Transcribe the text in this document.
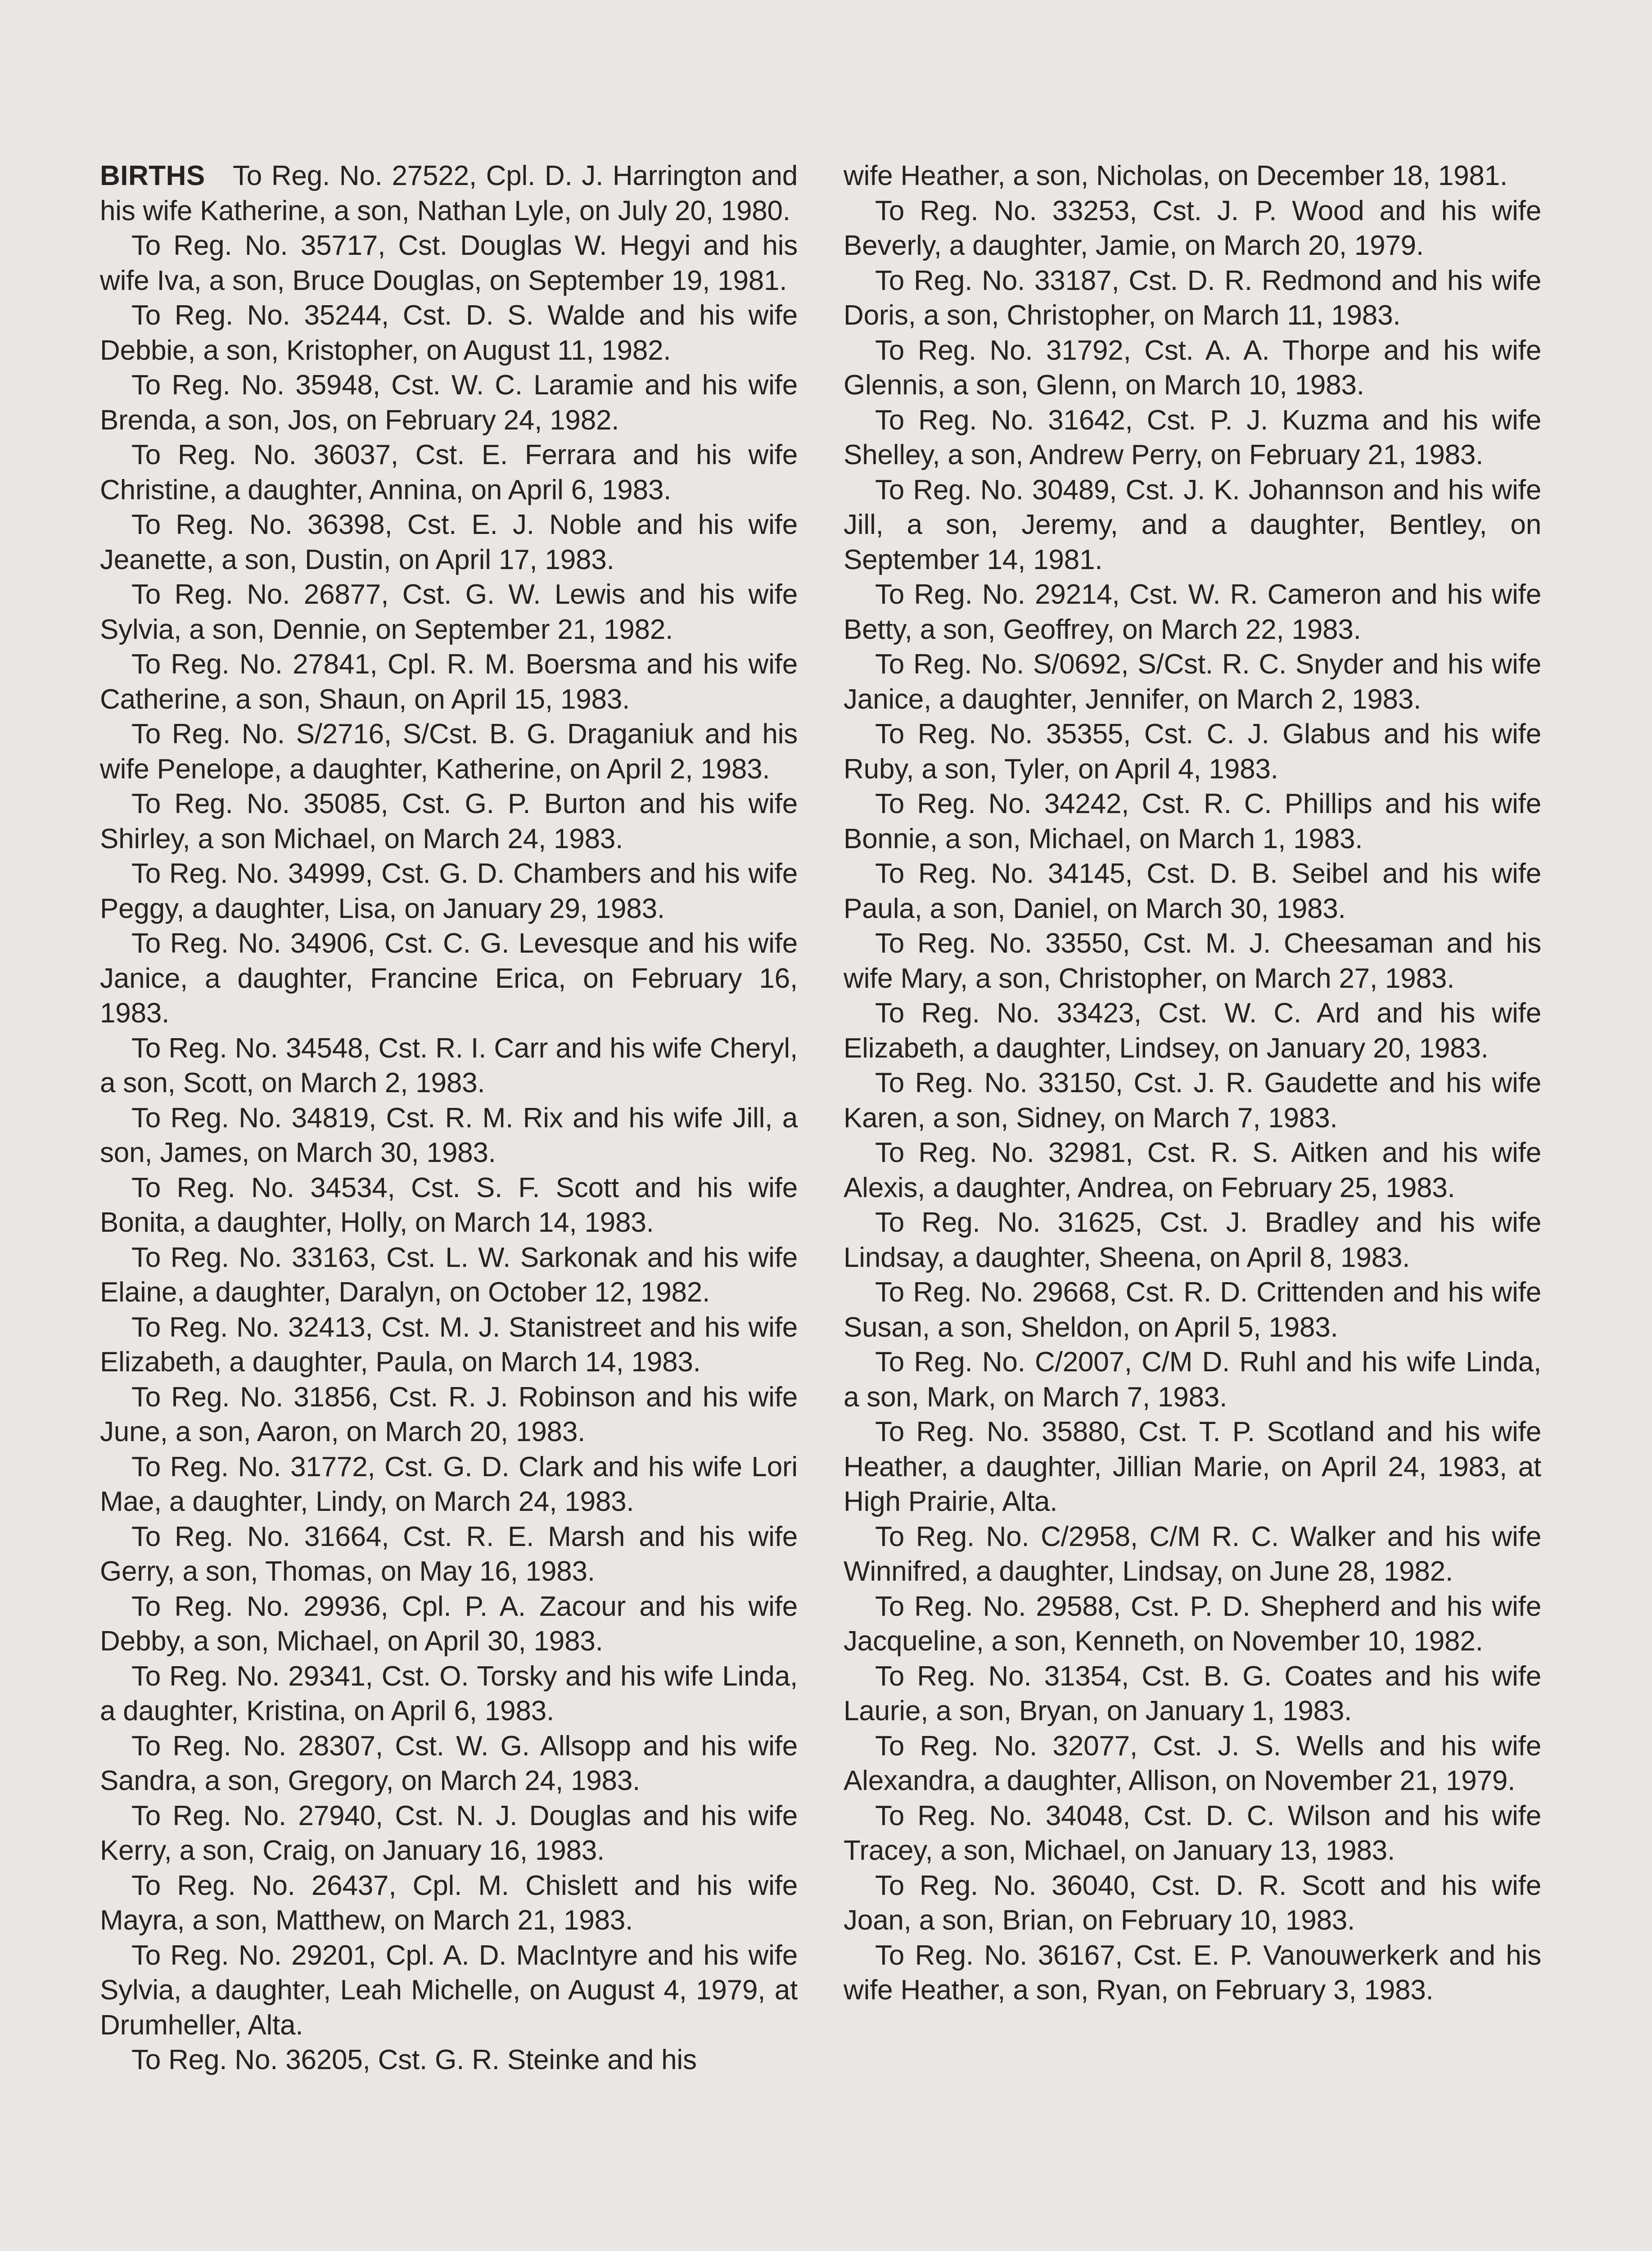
BIRTHS To Reg. No. 27522, Cpl. D. J. Harrington and his wife Katherine, a son, Nathan Lyle, on July 20, 1980.

To Reg. No. 35717, Cst. Douglas W. Hegyi and his wife Iva, a son, Bruce Douglas, on September 19, 1981.

To Reg. No. 35244, Cst. D. S. Walde and his wife Debbie, a son, Kristopher, on August 11, 1982.

To Reg. No. 35948, Cst. W. C. Laramie and his wife Brenda, a son, Jos, on February 24, 1982.

To Reg. No. 36037, Cst. E. Ferrara and his wife Christine, a daughter, Annina, on April 6, 1983.

To Reg. No. 36398, Cst. E. J. Noble and his wife Jeanette, a son, Dustin, on April 17, 1983.

To Reg. No. 26877, Cst. G. W. Lewis and his wife Sylvia, a son, Dennie, on September 21, 1982.

To Reg. No. 27841, Cpl. R. M. Boersma and his wife Catherine, a son, Shaun, on April 15, 1983.

To Reg. No. S/2716, S/Cst. B. G. Draganiuk and his wife Penelope, a daughter, Katherine, on April 2, 1983.

To Reg. No. 35085, Cst. G. P. Burton and his wife Shirley, a son Michael, on March 24, 1983.

To Reg. No. 34999, Cst. G. D. Chambers and his wife Peggy, a daughter, Lisa, on January 29, 1983.

To Reg. No. 34906, Cst. C. G. Levesque and his wife Janice, a daughter, Francine Erica, on February 16, 1983.

To Reg. No. 34548, Cst. R. I. Carr and his wife Cheryl, a son, Scott, on March 2, 1983.

To Reg. No. 34819, Cst. R. M. Rix and his wife Jill, a son, James, on March 30, 1983.

To Reg. No. 34534, Cst. S. F. Scott and his wife Bonita, a daughter, Holly, on March 14, 1983.

To Reg. No. 33163, Cst. L. W. Sarkonak and his wife Elaine, a daughter, Daralyn, on October 12, 1982.

To Reg. No. 32413, Cst. M. J. Stanistreet and his wife Elizabeth, a daughter, Paula, on March 14, 1983.

To Reg. No. 31856, Cst. R. J. Robinson and his wife June, a son, Aaron, on March 20, 1983.

To Reg. No. 31772, Cst. G. D. Clark and his wife Lori Mae, a daughter, Lindy, on March 24, 1983.

To Reg. No. 31664, Cst. R. E. Marsh and his wife Gerry, a son, Thomas, on May 16, 1983.

To Reg. No. 29936, Cpl. P. A. Zacour and his wife Debby, a son, Michael, on April 30, 1983.

To Reg. No. 29341, Cst. O. Torsky and his wife Linda, a daughter, Kristina, on April 6, 1983.

To Reg. No. 28307, Cst. W. G. Allsopp and his wife Sandra, a son, Gregory, on March 24, 1983.

To Reg. No. 27940, Cst. N. J. Douglas and his wife Kerry, a son, Craig, on January 16, 1983.

To Reg. No. 26437, Cpl. M. Chislett and his wife Mayra, a son, Matthew, on March 21, 1983.

To Reg. No. 29201, Cpl. A. D. MacIntyre and his wife Sylvia, a daughter, Leah Michelle, on August 4, 1979, at Drumheller, Alta.

To Reg. No. 36205, Cst. G. R. Steinke and his

wife Heather, a son, Nicholas, on December 18, 1981.

To Reg. No. 33253, Cst. J. P. Wood and his wife Beverly, a daughter, Jamie, on March 20, 1979.

To Reg. No. 33187, Cst. D. R. Redmond and his wife Doris, a son, Christopher, on March 11, 1983.

To Reg. No. 31792, Cst. A. A. Thorpe and his wife Glennis, a son, Glenn, on March 10, 1983.

To Reg. No. 31642, Cst. P. J. Kuzma and his wife Shelley, a son, Andrew Perry, on February 21, 1983.

To Reg. No. 30489, Cst. J. K. Johannson and his wife Jill, a son, Jeremy, and a daughter, Bentley, on September 14, 1981.

To Reg. No. 29214, Cst. W. R. Cameron and his wife Betty, a son, Geoffrey, on March 22, 1983.

To Reg. No. S/0692, S/Cst. R. C. Snyder and his wife Janice, a daughter, Jennifer, on March 2, 1983.

To Reg. No. 35355, Cst. C. J. Glabus and his wife Ruby, a son, Tyler, on April 4, 1983.

To Reg. No. 34242, Cst. R. C. Phillips and his wife Bonnie, a son, Michael, on March 1, 1983.

To Reg. No. 34145, Cst. D. B. Seibel and his wife Paula, a son, Daniel, on March 30, 1983.

To Reg. No. 33550, Cst. M. J. Cheesaman and his wife Mary, a son, Christopher, on March 27, 1983.

To Reg. No. 33423, Cst. W. C. Ard and his wife Elizabeth, a daughter, Lindsey, on January 20, 1983.

To Reg. No. 33150, Cst. J. R. Gaudette and his wife Karen, a son, Sidney, on March 7, 1983.

To Reg. No. 32981, Cst. R. S. Aitken and his wife Alexis, a daughter, Andrea, on February 25, 1983.

To Reg. No. 31625, Cst. J. Bradley and his wife Lindsay, a daughter, Sheena, on April 8, 1983.

To Reg. No. 29668, Cst. R. D. Crittenden and his wife Susan, a son, Sheldon, on April 5, 1983.

To Reg. No. C/2007, C/M D. Ruhl and his wife Linda, a son, Mark, on March 7, 1983.

To Reg. No. 35880, Cst. T. P. Scotland and his wife Heather, a daughter, Jillian Marie, on April 24, 1983, at High Prairie, Alta.

To Reg. No. C/2958, C/M R. C. Walker and his wife Winnifred, a daughter, Lindsay, on June 28, 1982.

To Reg. No. 29588, Cst. P. D. Shepherd and his wife Jacqueline, a son, Kenneth, on November 10, 1982.

To Reg. No. 31354, Cst. B. G. Coates and his wife Laurie, a son, Bryan, on January 1, 1983.

To Reg. No. 32077, Cst. J. S. Wells and his wife Alexandra, a daughter, Allison, on November 21, 1979.

To Reg. No. 34048, Cst. D. C. Wilson and his wife Tracey, a son, Michael, on January 13, 1983.

To Reg. No. 36040, Cst. D. R. Scott and his wife Joan, a son, Brian, on February 10, 1983.

To Reg. No. 36167, Cst. E. P. Vanouwerkerk and his wife Heather, a son, Ryan, on February 3, 1983.
